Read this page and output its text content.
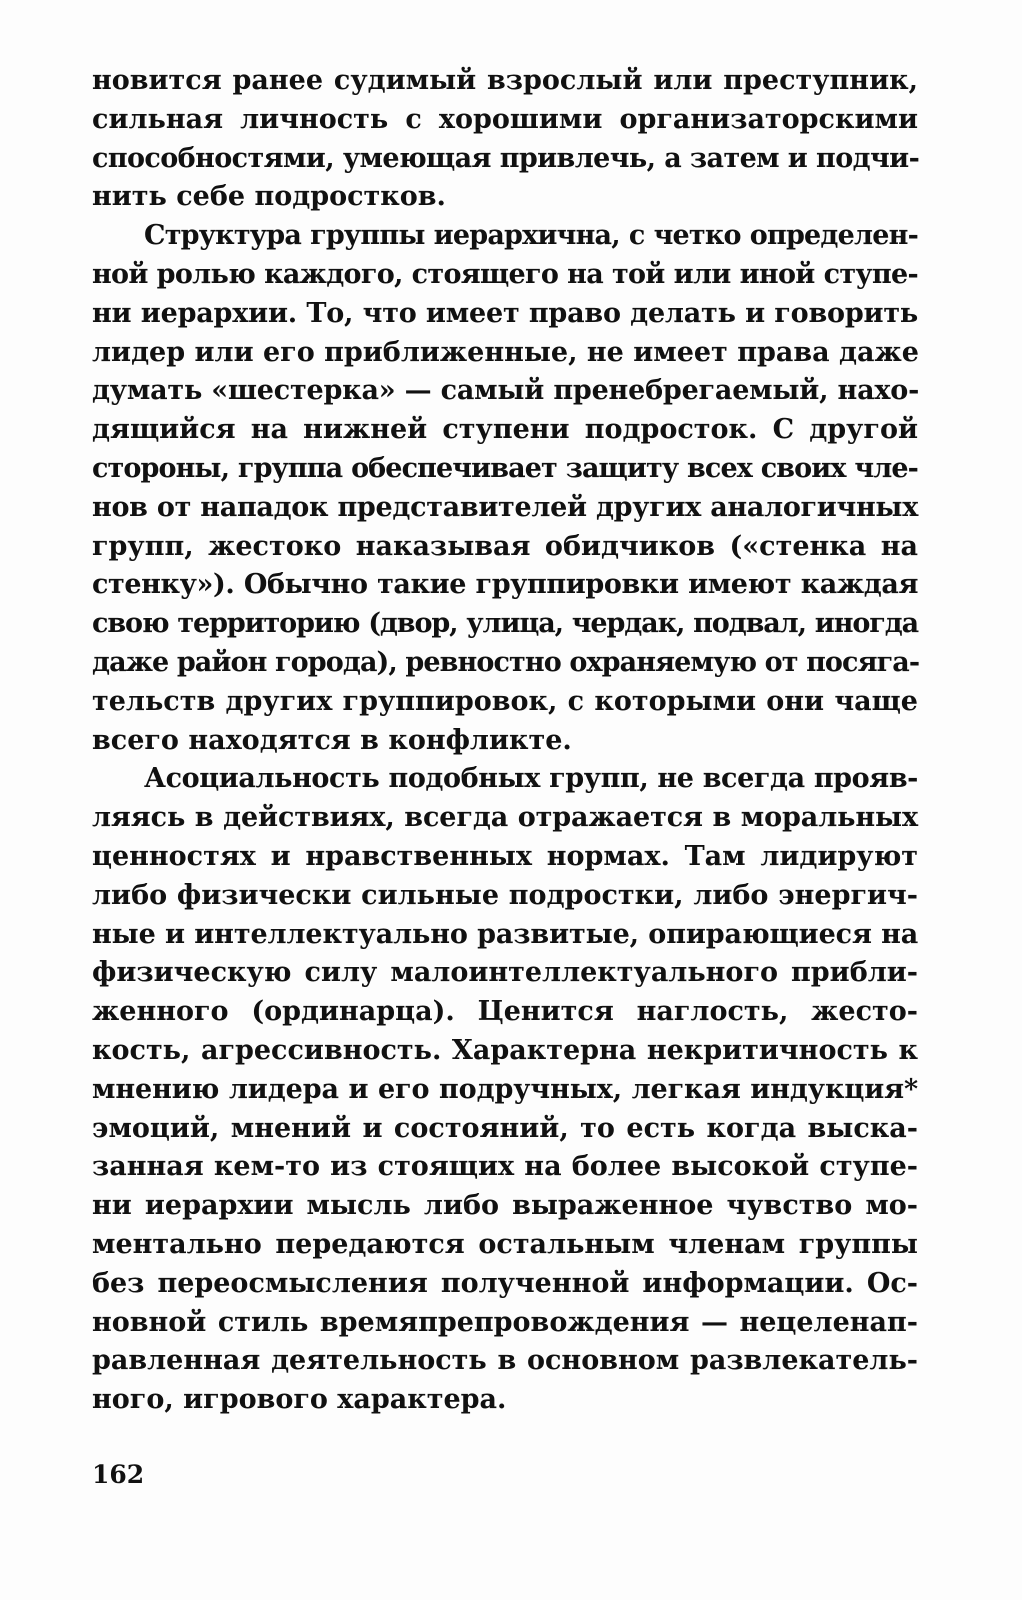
новится ранее судимый взрослый или преступник,
сильная личность с хорошими организаторскими
способностями, умеющая привлечь, а затем и подчи-
нить себе подростков.
Структура группы иерархична, с четко определен-
ной ролью каждого, стоящего на той или иной ступе-
ни иерархии. То, что имеет право делать и говорить
лидер или его приближенные, не имеет права даже
думать «шестерка» — самый пренебрегаемый, нахо-
дящийся на нижней ступени подросток. С другой
стороны, группа обеспечивает защиту всех своих чле-
нов от нападок представителей других аналогичных
групп, жестоко наказывая обидчиков («стенка на
стенку»). Обычно такие группировки имеют каждая
свою территорию (двор, улица, чердак, подвал, иногда
даже район города), ревностно охраняемую от посяга-
тельств других группировок, с которыми они чаще
всего находятся в конфликте.
Асоциальность подобных групп, не всегда прояв-
ляясь в действиях, всегда отражается в моральных
ценностях и нравственных нормах. Там лидируют
либо физически сильные подростки, либо энергич-
ные и интеллектуально развитые, опирающиеся на
физическую силу малоинтеллектуального прибли-
женного (ординарца). Ценится наглость, жесто-
кость, агрессивность. Характерна некритичность к
мнению лидера и его подручных, легкая индукция*
эмоций, мнений и состояний, то есть когда выска-
занная кем-то из стоящих на более высокой ступе-
ни иерархии мысль либо выраженное чувство мо-
ментально передаются остальным членам группы
без переосмысления полученной информации. Ос-
новной стиль времяпрепровождения — нецеленап-
равленная деятельность в основном развлекатель-
ного, игрового характера.
162
